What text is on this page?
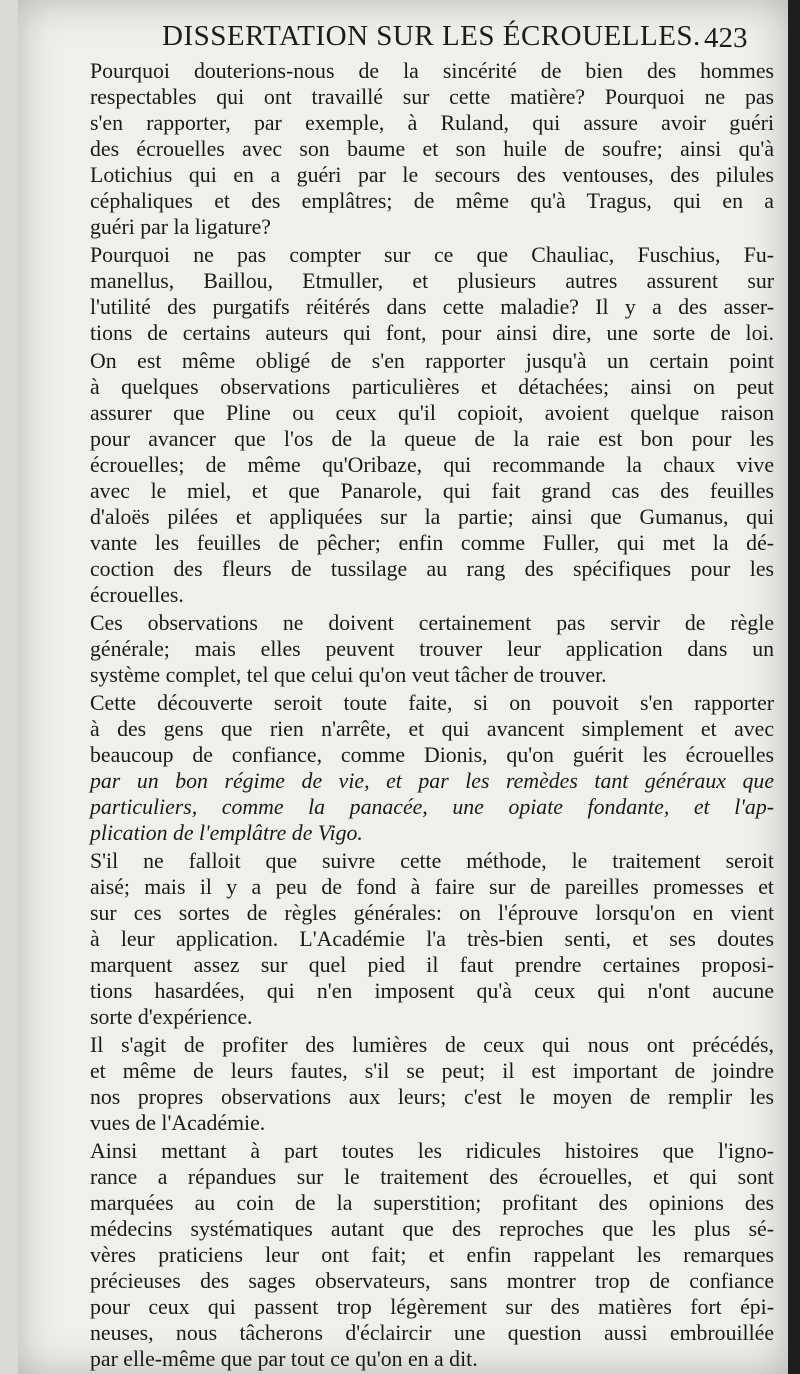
DISSERTATION SUR LES ÉCROUELLES. 423

Pourquoi douterions-nous de la sincérité de bien des hommes
respectables qui ont travaillé sur cette matière? Pourquoi ne pas
s'en rapporter, par exemple, à Ruland, qui assure avoir guéri
des écrouelles avec son baume et son huile de soufre; ainsi qu'à
Lotichius qui en a guéri par le secours des ventouses, des pilules
céphaliques et des emplâtres; de même qu'à Tragus, qui en a
guéri par la ligature?

Pourquoi ne pas compter sur ce que Chauliac, Fuschius, Fu-
manellus, Baillou, Etmuller, et plusieurs autres assurent sur
l'utilité des purgatifs réitérés dans cette maladie? Il y a des asser-
tions de certains auteurs qui font, pour ainsi dire, une sorte de loi.

On est même obligé de s'en rapporter jusqu'à un certain point
à quelques observations particulières et détachées; ainsi on peut
assurer que Pline ou ceux qu'il copioit, avoient quelque raison
pour avancer que l'os de la queue de la raie est bon pour les
écrouelles; de même qu'Oribaze, qui recommande la chaux vive
avec le miel, et que Panarole, qui fait grand cas des feuilles
d'aloës pilées et appliquées sur la partie; ainsi que Gumanus, qui
vante les feuilles de pêcher; enfin comme Fuller, qui met la dé-
coction des fleurs de tussilage au rang des spécifiques pour les
écrouelles.

Ces observations ne doivent certainement pas servir de règle
générale; mais elles peuvent trouver leur application dans un
système complet, tel que celui qu'on veut tâcher de trouver.

Cette découverte seroit toute faite, si on pouvoit s'en rapporter
à des gens que rien n'arrête, et qui avancent simplement et avec
beaucoup de confiance, comme Dionis, qu'on guérit les écrouelles
par un bon régime de vie, et par les remèdes tant généraux que
particuliers, comme la panacée, une opiate fondante, et l'ap-
plication de l'emplâtre de Vigo.

S'il ne falloit que suivre cette méthode, le traitement seroit
aisé; mais il y a peu de fond à faire sur de pareilles promesses et
sur ces sortes de règles générales: on l'éprouve lorsqu'on en vient
à leur application. L'Académie l'a très-bien senti, et ses doutes
marquent assez sur quel pied il faut prendre certaines proposi-
tions hasardées, qui n'en imposent qu'à ceux qui n'ont aucune
sorte d'expérience.

Il s'agit de profiter des lumières de ceux qui nous ont précédés,
et même de leurs fautes, s'il se peut; il est important de joindre
nos propres observations aux leurs; c'est le moyen de remplir les
vues de l'Académie.

Ainsi mettant à part toutes les ridicules histoires que l'igno-
rance a répandues sur le traitement des écrouelles, et qui sont
marquées au coin de la superstition; profitant des opinions des
médecins systématiques autant que des reproches que les plus sé-
vères praticiens leur ont fait; et enfin rappelant les remarques
précieuses des sages observateurs, sans montrer trop de confiance
pour ceux qui passent trop légèrement sur des matières fort épi-
neuses, nous tâcherons d'éclaircir une question aussi embrouillée
par elle-même que par tout ce qu'on en a dit.
